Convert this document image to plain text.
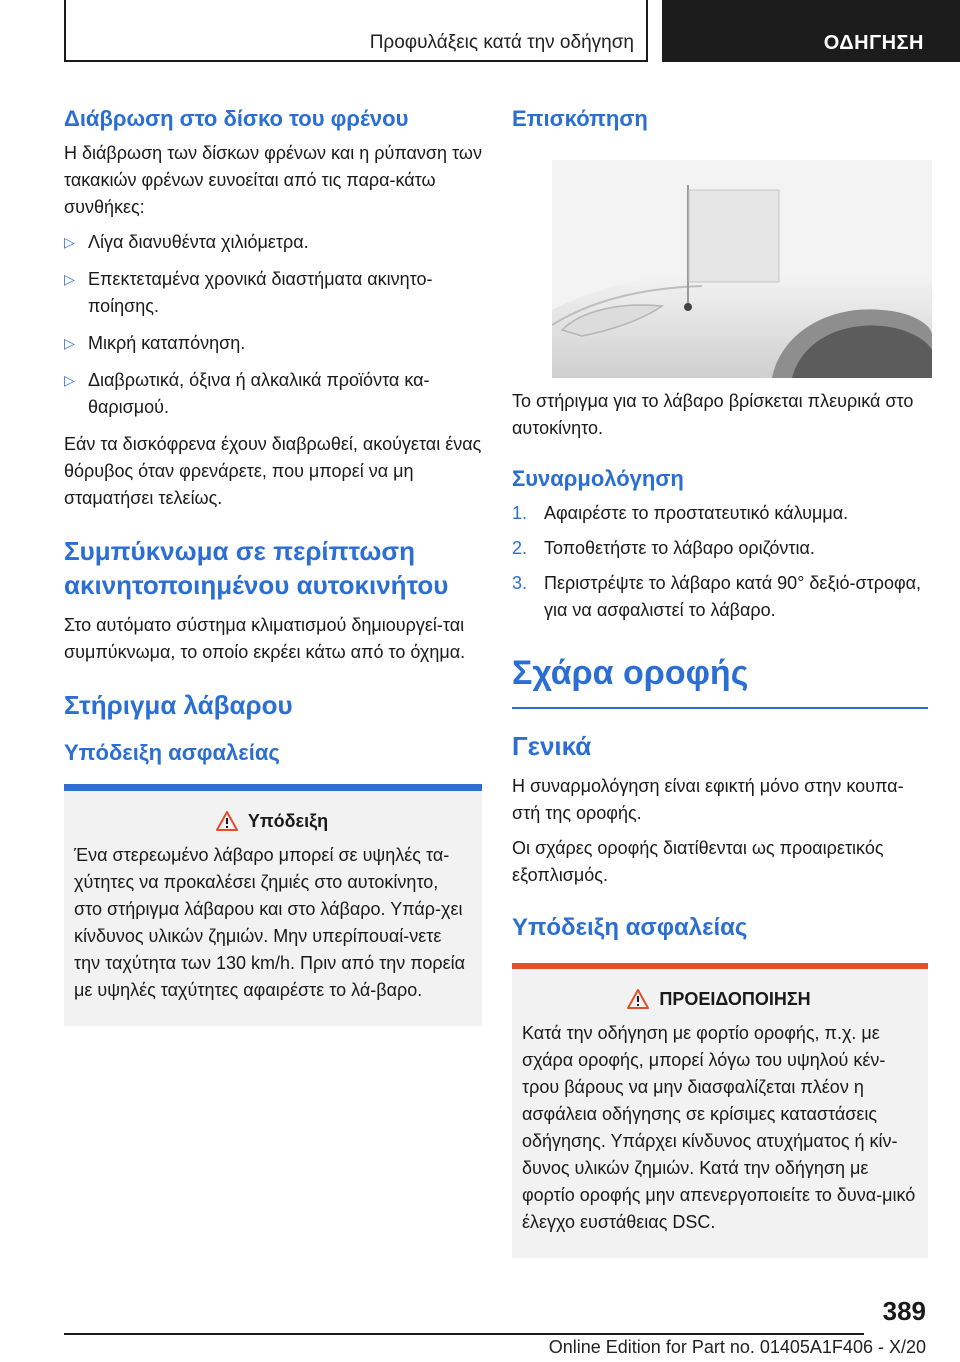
Προφυλάξεις κατά την οδήγηση	ΟΔΗΓΗΣΗ
Διάβρωση στο δίσκο του φρένου

Η διάβρωση των δίσκων φρένων και η ρύπανση των τακακιών φρένων ευνοείται από τις παρα-κάτω συνθήκες:

▷ Λίγα διανυθέντα χιλιόμετρα.
▷ Επεκτεταμένα χρονικά διαστήματα ακινητο-ποίησης.
▷ Μικρή καταπόνηση.
▷ Διαβρωτικά, όξινα ή αλκαλικά προϊόντα κα-θαρισμού.

Εάν τα δισκόφρενα έχουν διαβρωθεί, ακούγεται ένας θόρυβος όταν φρενάρετε, που μπορεί να μη σταματήσει τελείως.

Συμπύκνωμα σε περίπτωση ακινητοποιημένου αυτοκινήτου

Στο αυτόματο σύστημα κλιματισμού δημιουργεί-ται συμπύκνωμα, το οποίο εκρέει κάτω από το όχημα.

Στήριγμα λάβαρου
Υπόδειξη ασφαλείας
Υπόδειξη

Ένα στερεωμένο λάβαρο μπορεί σε υψηλές τα-χύτητες να προκαλέσει ζημιές στο αυτοκίνητο, στο στήριγμα λάβαρου και στο λάβαρο. Υπάρ-χει κίνδυνος υλικών ζημιών. Μην υπερίπουαί-νετε την ταχύτητα των 130 km/h. Πριν από την πορεία με υψηλές ταχύτητες αφαιρέστε το λά-βαρο.

Επισκόπηση

Το στήριγμα για το λάβαρο βρίσκεται πλευρικά στο αυτοκίνητο.

Συναρμολόγηση
1. Αφαιρέστε το προστατευτικό κάλυμμα.
2. Τοποθετήστε το λάβαρο οριζόντια.
3. Περιστρέψτε το λάβαρο κατά 90° δεξιό-στροφα, για να ασφαλιστεί το λάβαρο.
Σχάρα οροφής
Γενικά

Η συναρμολόγηση είναι εφικτή μόνο στην κουπα-στή της οροφής.

Οι σχάρες οροφής διατίθενται ως προαιρετικός εξοπλισμός.

Υπόδειξη ασφαλείας
ΠΡΟΕΙΔΟΠΟΙΗΣΗ

Κατά την οδήγηση με φορτίο οροφής, π.χ. με σχάρα οροφής, μπορεί λόγω του υψηλού κέν-τρου βάρους να μην διασφαλίζεται πλέον η ασφάλεια οδήγησης σε κρίσιμες καταστάσεις οδήγησης. Υπάρχει κίνδυνος ατυχήματος ή κίν-δυνος υλικών ζημιών. Κατά την οδήγηση με φορτίο οροφής μην απενεργοποιείτε το δυνα-μικό έλεγχο ευστάθειας DSC.

389
Online Edition for Part no. 01405A1F406 - X/20
